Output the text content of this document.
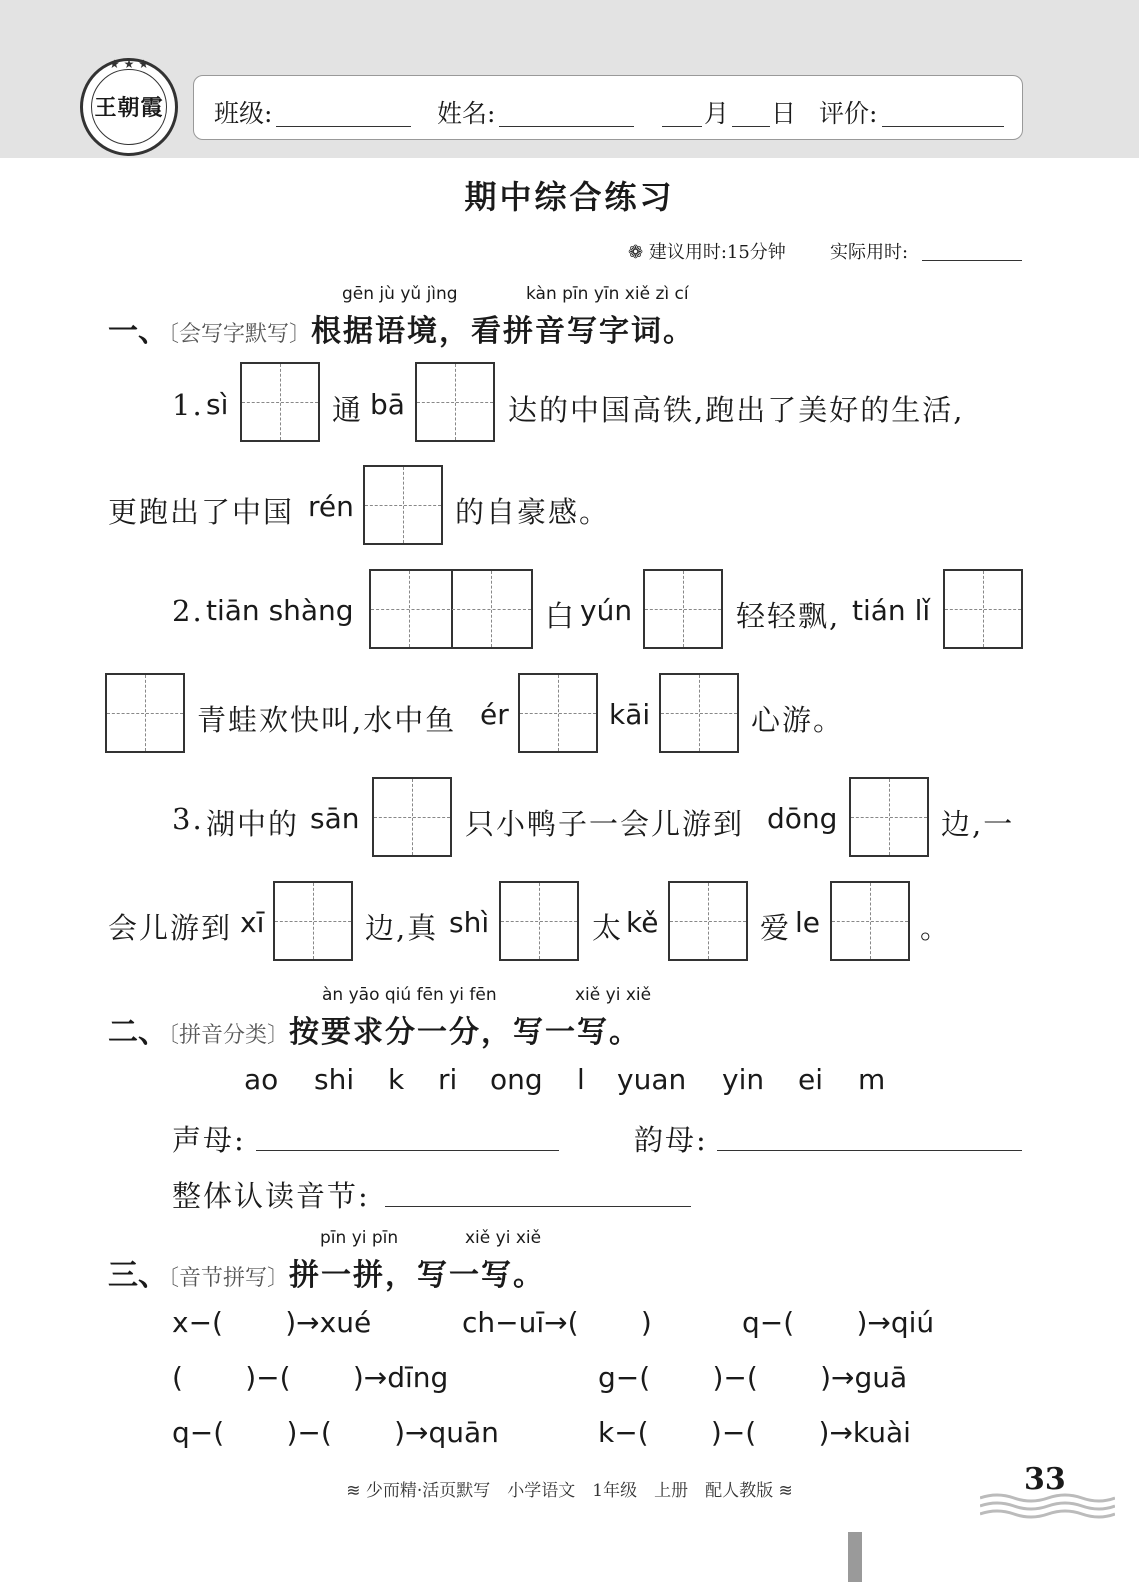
★ ★ ★
王朝霞	班级:	姓名:	月 日 评价:
期中综合练习
❁ 建议用时:15分钟 实际用时:
gēn jù yǔ jìng	kàn pīn yīn xiě zì cí
一、〔会写字默写〕根据语境，看拼音写字词。
1. sì	通 bā	达的中国高铁,跑出了美好的生活,
更跑出了中国 rén	的自豪感。
2. tiān shàng	白 yún	轻轻飘, tián lǐ
青蛙欢快叫,水中鱼 ér	kāi	心游。
3. 湖中的 sān	只小鸭子一会儿游到 dōng	边,一
会儿游到 xī	边,真 shì	太 kě	爱 le	。
àn yāo qiú fēn yi fēn	xiě yi xiě
二、〔拼音分类〕按要求分一分，写一写。
ao shi k ri ong l yuan yin ei m
声母:	韵母:
整体认读音节:
pīn yi pīn	xiě yi xiě
三、〔音节拼写〕拼一拼，写一写。
x−(       )→xué	ch−uī→(       )	q−(       )→qiú
(       )−(       )→dīng	g−(       )−(       )→guā
q−(       )−(       )→quān	k−(       )−(       )→kuài
≋ 少而精·活页默写　小学语文　1年级　上册　配人教版 ≋	33
